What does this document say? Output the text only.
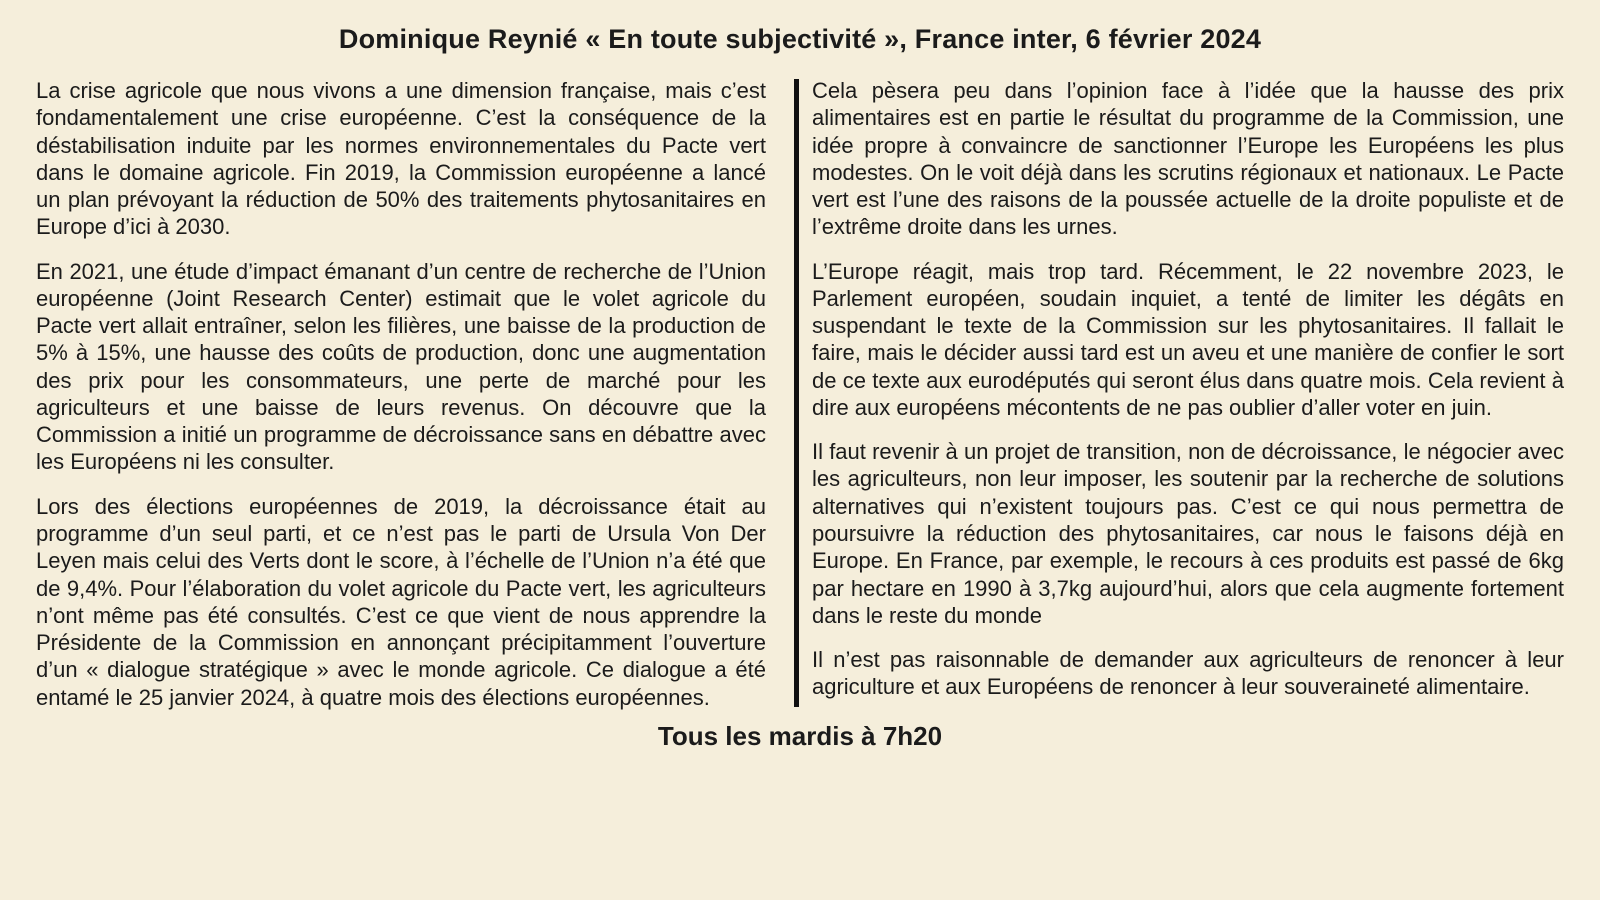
Dominique Reynié « En toute subjectivité », France inter, 6 février 2024

La crise agricole que nous vivons a une dimension française, mais c’est fondamentalement une crise européenne. C’est la conséquence de la déstabilisation induite par les normes environnementales du Pacte vert dans le domaine agricole. Fin 2019, la Commission européenne a lancé un plan prévoyant la réduction de 50% des traitements phytosanitaires en Europe d’ici à 2030.

En 2021, une étude d’impact émanant d’un centre de recherche de l’Union européenne (Joint Research Center) estimait que le volet agricole du Pacte vert allait entraîner, selon les filières, une baisse de la production de 5% à 15%, une hausse des coûts de production, donc une augmentation des prix pour les consommateurs, une perte de marché pour les agriculteurs et une baisse de leurs revenus. On découvre que la Commission a initié un programme de décroissance sans en débattre avec les Européens ni les consulter.

Lors des élections européennes de 2019, la décroissance était au programme d’un seul parti, et ce n’est pas le parti de Ursula Von Der Leyen mais celui des Verts dont le score, à l’échelle de l’Union n’a été que de 9,4%. Pour l’élaboration du volet agricole du Pacte vert, les agriculteurs n’ont même pas été consultés. C’est ce que vient de nous apprendre la Présidente de la Commission en annonçant précipitamment l’ouverture d’un « dialogue stratégique » avec le monde agricole. Ce dialogue a été entamé le 25 janvier 2024, à quatre mois des élections européennes.

Cela pèsera peu dans l’opinion face à l’idée que la hausse des prix alimentaires est en partie le résultat du programme de la Commission, une idée propre à convaincre de sanctionner l’Europe les Européens les plus modestes. On le voit déjà dans les scrutins régionaux et nationaux. Le Pacte vert est l’une des raisons de la poussée actuelle de la droite populiste et de l’extrême droite dans les urnes.

L’Europe réagit, mais trop tard. Récemment, le 22 novembre 2023, le Parlement européen, soudain inquiet, a tenté de limiter les dégâts en suspendant le texte de la Commission sur les phytosanitaires. Il fallait le faire, mais le décider aussi tard est un aveu et une manière de confier le sort de ce texte aux eurodéputés qui seront élus dans quatre mois. Cela revient à dire aux européens mécontents de ne pas oublier d’aller voter en juin.

Il faut revenir à un projet de transition, non de décroissance, le négocier avec les agriculteurs, non leur imposer, les soutenir par la recherche de solutions alternatives qui n’existent toujours pas. C’est ce qui nous permettra de poursuivre la réduction des phytosanitaires, car nous le faisons déjà en Europe. En France, par exemple, le recours à ces produits est passé de 6kg par hectare en 1990 à 3,7kg aujourd’hui, alors que cela augmente fortement dans le reste du monde

Il n’est pas raisonnable de demander aux agriculteurs de renoncer à leur agriculture et aux Européens de renoncer à leur souveraineté alimentaire.

Tous les mardis à 7h20
